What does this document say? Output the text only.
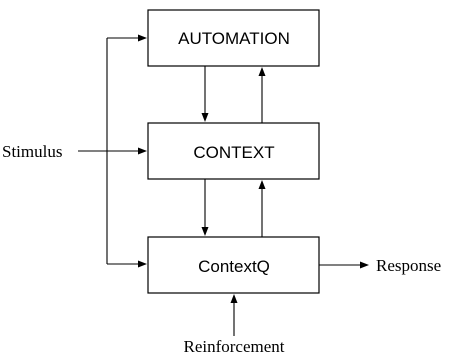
AUTOMATION
CONTEXT
ContextQ
Stimulus
Response
Reinforcement
